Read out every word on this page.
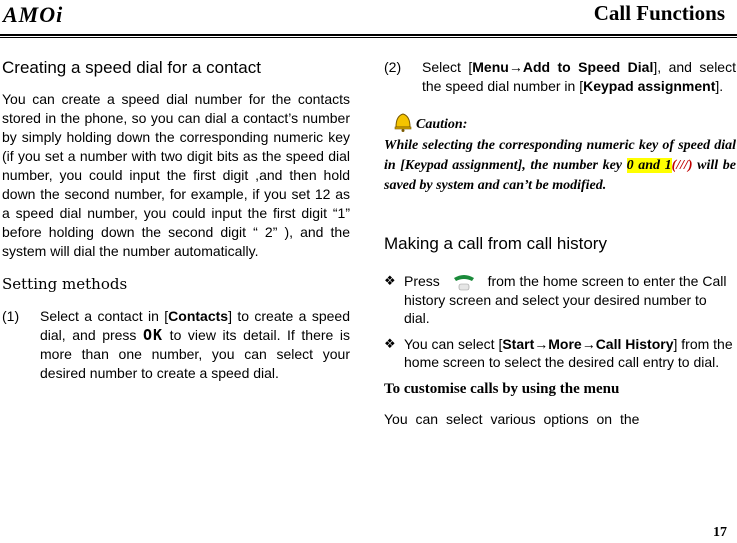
AMOi	Call Functions
Creating a speed dial for a contact

You can create a speed dial number for the contacts stored in the phone, so you can dial a contact’s number by simply holding down the corresponding numeric key (if you set a number with two digit bits as the speed dial number, you could input the first digit ,and then hold down the second number, for example, if you set 12 as a speed dial number, you could input the first digit “1” before holding down the second digit “ 2” ), and the system will dial the number automatically.

Setting methods
(1)	Select a contact in [Contacts] to create a speed dial, and press OK to view its detail. If there is more than one number, you can select your desired number to create a speed dial.
(2)	Select [Menu→Add to Speed Dial], and select the speed dial number in [Keypad assignment].
Caution:

While selecting the corresponding numeric key of speed dial in [Keypad assignment], the number key 0 and 1(///) will be saved by system and can’t be modified.

Making a call from call history
❖ Press	from the home screen to enter the Call history screen and select your desired number to dial.
❖ You can select [Start→More→Call History] from the home screen to select the desired call entry to dial.
To customise calls by using the menu

You can select various options on the

17
